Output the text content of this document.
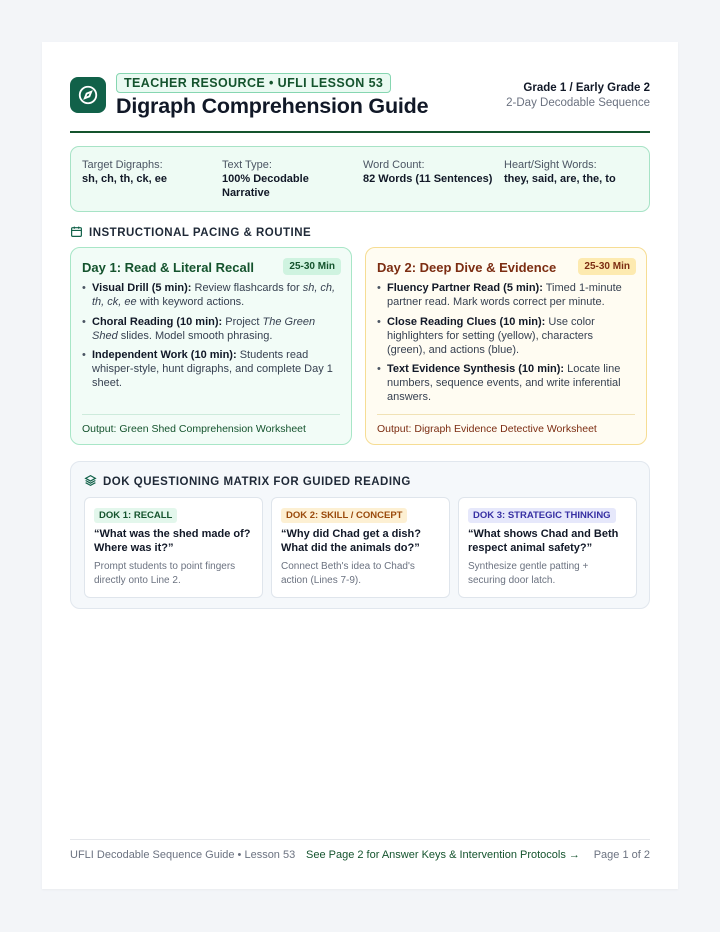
TEACHER RESOURCE • UFLI LESSON 53
Digraph Comprehension Guide
Grade 1 / Early Grade 2
2-Day Decodable Sequence
Target Digraphs:
sh, ch, th, ck, ee
Text Type:
100% Decodable Narrative
Word Count:
82 Words (11 Sentences)
Heart/Sight Words:
they, said, are, the, to
INSTRUCTIONAL PACING & ROUTINE
Day 1: Read & Literal Recall	25-30 Min
• Visual Drill (5 min): Review flashcards for sh, ch, th, ck, ee with keyword actions.
• Choral Reading (10 min): Project The Green Shed slides. Model smooth phrasing.
• Independent Work (10 min): Students read whisper-style, hunt digraphs, and complete Day 1 sheet.
Output: Green Shed Comprehension Worksheet
Day 2: Deep Dive & Evidence	25-30 Min
• Fluency Partner Read (5 min): Timed 1-minute partner read. Mark words correct per minute.
• Close Reading Clues (10 min): Use color highlighters for setting (yellow), characters (green), and actions (blue).
• Text Evidence Synthesis (10 min): Locate line numbers, sequence events, and write inferential answers.
Output: Digraph Evidence Detective Worksheet
DOK QUESTIONING MATRIX FOR GUIDED READING
DOK 1: RECALL
“What was the shed made of? Where was it?”
Prompt students to point fingers directly onto Line 2.
DOK 2: SKILL / CONCEPT
“Why did Chad get a dish? What did the animals do?”
Connect Beth's idea to Chad's action (Lines 7-9).
DOK 3: STRATEGIC THINKING
“What shows Chad and Beth respect animal safety?”
Synthesize gentle patting + securing door latch.
UFLI Decodable Sequence Guide • Lesson 53 See Page 2 for Answer Keys & Intervention Protocols → Page 1 of 2
